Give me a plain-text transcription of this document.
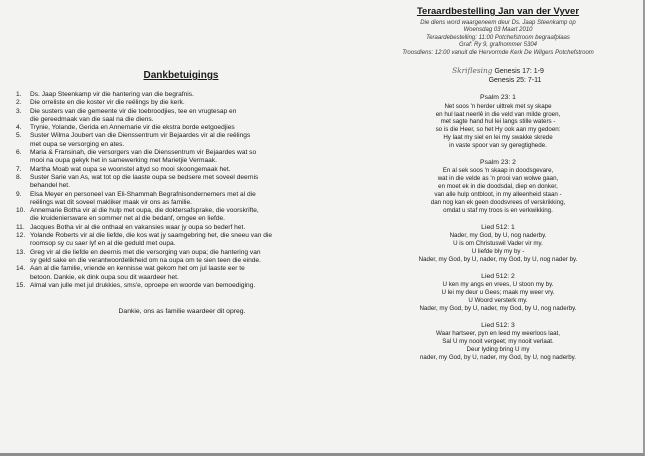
Dankbetuigings
1. Ds. Jaap Steenkamp vir die hantering van die begrafnis.
2. Die orreliste en die koster vir die reëlings by die kerk.
3. Die susters van die gemeente vir die toebroodjies, tee en vrugtesap en
die gereedmaak van die saal na die diens.
4. Trynie, Yolande, Gerida en Annemarie vir die ekstra borde eetgoedjies
5. Suster Wilma Joubert van die Dienssentrum vir Bejaardes vir al die reëlings
met oupa se versorging en ates.
6. Maria & Fransinah, die versorgers van die Dienssentrum vir Bejaardes wat so
mooi na oupa gekyk het in samewerking met Marietjie Vermaak.
7. Martha Moab wat oupa se woonstel altyd so mooi skoongemaak het.
8. Suster Sarie van As, wat tot op die laaste oupa se bedsere met soveel deernis
behandel het.
9. Elsa Meyer en personeel van Eli-Shammah Begrafnisondernemers met al die
reëlings wat dit soveel makliker maak vir ons as familie.
10. Annemarie Botha vir al die hulp met oupa, die doktersafsprake, die voorskrifte,
die kruideniersware en sommer net al die bedanf, omgee en liefde.
11. Jacques Botha vir al die onthaal en vakansies waar jy oupa so bederf het.
12. Yolande Roberts vir al die liefde, die kos wat jy saamgebring het, die sneeu van die
roomsop sy cu saer lyf en al die geduld met oupa.
13. Greg vir al die liefde en deernis met die versorging van oupa; die hantering van
sy geld sake en die verantwoordelikheid om na oupa om te sien teen die einde.
14. Aan al die familie, vriende en kennisse wat gekom het om jul laaste eer te
betoon. Dankie, ek dink oupa sou dit waardeer het.
15. Almal van julle met jul drukkies, sms'e, oproepe en woorde van bemoediging.
Dankie, ons as familie waardeer dit opreg.
Teraardbestelling Jan van der Vyver
Die diens word waargeneem deur Ds. Jaap Steenkamp op
Woensdag 03 Maart 2010
Teraardebestelling: 11:00 Potchefstroom begraafplaas
Graf: Ry 9, grafnommer 5304
Troosdiens: 12:00 vanuit die Hervormde Kerk De Wilgers Potchefstroom
Skriflesing Genesis 17: 1-9
Genesis 25: 7-11
Psalm 23: 1
Net soos 'n herder uittrek met sy skape
en hul laat neerlê in die veld van milde groen,
met sagte hand hul lei langs stille waters -
so is die Heer, so het Hy ook aan my gedoen:
Hy laat my siel en lei my swakke skrede
in vaste spoor van sy geregtighede.
Psalm 23: 2
En al sek soos 'n skaap in doodsgevare,
wat in die velde as 'n prooi van wolwe gaan,
en moet ek in die doodsdal, diep en donker,
van alle hulp ontbloot, in my alleenheid staan -
dan nog kan ek geen doodsvrees of verskrikking,
omdat u staf my troos is en verkwikking.
Lied 512: 1
Nader, my God, by U, nog naderby.
U is om Christuswil Vader vir my.
U liefde bly my by -
Nader, my God, by U, nader, my God, by U, nog nader by.
Lied 512: 2
U ken my angs en vrees, U stoon my by.
U lei my deur u Gees; maak my weer vry.
U Woord versterk my.
Nader, my God, by U, nader, my God, by U, nog naderby.
Lied 512: 3
Waar hartseer, pyn en leed my weerloos laat,
Sal U my nooit vergeet; my nooit verlaat.
Deur lyding bring U my
nader, my God, by U, nader, my God, by U, nog naderby.
